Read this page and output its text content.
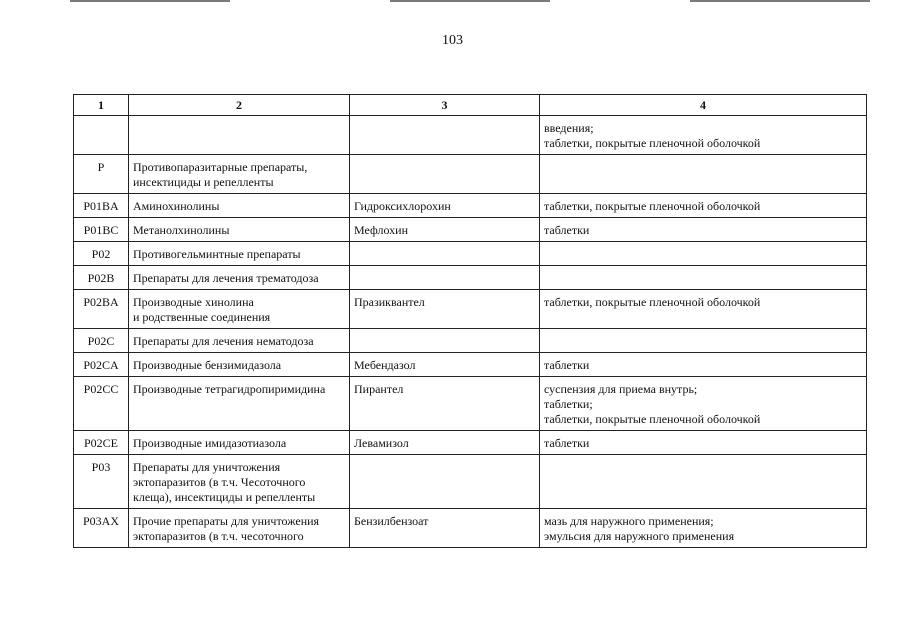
103
1	2	3	4

			введения;
таблетки, покрытые пленочной оболочкой

P	Противопаразитарные препараты,
инсектициды и репелленты		

P01BA	Аминохинолины	Гидроксихлорохин	таблетки, покрытые пленочной оболочкой

P01BC	Метанолхинолины	Мефлохин	таблетки

P02	Противогельминтные препараты		

P02B	Препараты для лечения трематодоза		

P02BA	Производные хинолина
и родственные соединения	Празиквантел	таблетки, покрытые пленочной оболочкой

P02C	Препараты для лечения нематодоза		

P02CA	Производные бензимидазола	Мебендазол	таблетки

P02CC	Производные тетрагидропиримидина	Пирантел	суспензия для приема внутрь;
таблетки;
таблетки, покрытые пленочной оболочкой

P02CE	Производные имидазотиазола	Левамизол	таблетки

P03	Препараты для уничтожения
эктопаразитов (в т.ч. Чесоточного
клеща), инсектициды и репелленты		

P03AX	Прочие препараты для уничтожения
эктопаразитов (в т.ч. чесоточного	Бензилбензоат	мазь для наружного применения;
эмульсия для наружного применения
